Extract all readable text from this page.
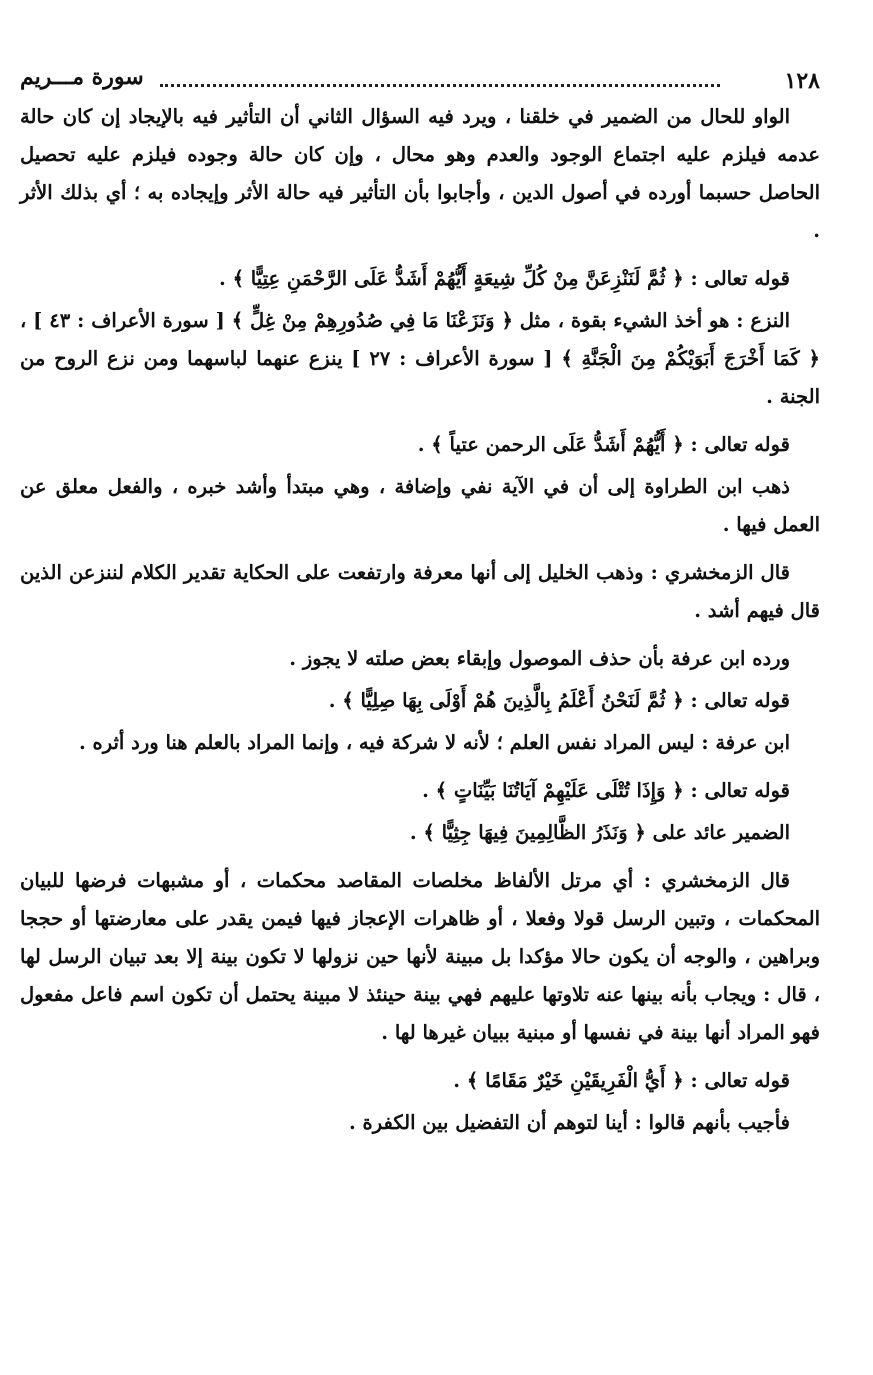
١٢٨
سورة مـــريم

الواو للحال من الضمير في خلقنا ، ويرد فيه السؤال الثاني أن التأثير فيه بالإيجاد إن كان حالة عدمه فيلزم عليه اجتماع الوجود والعدم وهو محال ، وإن كان حالة وجوده فيلزم عليه تحصيل الحاصل حسبما أورده في أصول الدين ، وأجابوا بأن التأثير فيه حالة الأثر وإيجاده به ؛ أي بذلك الأثر .

قوله تعالى : ﴿ ثُمَّ لَنَنْزِعَنَّ مِنْ كُلِّ شِيعَةٍ أَيُّهُمْ أَشَدُّ عَلَى الرَّحْمَنِ عِتِيًّا ﴾ .

النزع : هو أخذ الشيء بقوة ، مثل ﴿ وَنَزَعْنَا مَا فِي صُدُورِهِمْ مِنْ غِلٍّ ﴾ [ سورة الأعراف : ٤٣ ] ، ﴿ كَمَا أَخْرَجَ أَبَوَيْكُمْ مِنَ الْجَنَّةِ ﴾ [ سورة الأعراف : ٢٧ ] ينزع عنهما لباسهما ومن نزع الروح من الجنة .

قوله تعالى : ﴿ أَيُّهُمْ أَشَدُّ عَلَى الرحمن عتياً ﴾ .

ذهب ابن الطراوة إلى أن في الآية نفي وإضافة ، وهي مبتدأ وأشد خبره ، والفعل معلق عن العمل فيها .

قال الزمخشري : وذهب الخليل إلى أنها معرفة وارتفعت على الحكاية تقدير الكلام لننزعن الذين قال فيهم أشد .

ورده ابن عرفة بأن حذف الموصول وإبقاء بعض صلته لا يجوز .

قوله تعالى : ﴿ ثُمَّ لَنَحْنُ أَعْلَمُ بِالَّذِينَ هُمْ أَوْلَى بِهَا صِلِيًّا ﴾ .

ابن عرفة : ليس المراد نفس العلم ؛ لأنه لا شركة فيه ، وإنما المراد بالعلم هنا ورد أثره .

قوله تعالى : ﴿ وَإِذَا تُتْلَى عَلَيْهِمْ آيَاتُنَا بَيِّنَاتٍ ﴾ .

الضمير عائد على ﴿ وَنَذَرُ الظَّالِمِينَ فِيهَا جِثِيًّا ﴾ .

قال الزمخشري : أي مرتل الألفاظ مخلصات المقاصد محكمات ، أو مشبهات فرضها للبيان المحكمات ، وتبين الرسل قولا وفعلا ، أو ظاهرات الإعجاز فيها فيمن يقدر على معارضتها أو حججا وبراهين ، والوجه أن يكون حالا مؤكدا بل مبينة لأنها حين نزولها لا تكون بينة إلا بعد تبيان الرسل لها ، قال : ويجاب بأنه بينها عنه تلاوتها عليهم فهي بينة حينئذ لا مبينة يحتمل أن تكون اسم فاعل مفعول فهو المراد أنها بينة في نفسها أو مبنية ببيان غيرها لها .

قوله تعالى : ﴿ أَيُّ الْفَرِيقَيْنِ خَيْرٌ مَقَامًا ﴾ .

فأجيب بأنهم قالوا : أينا لتوهم أن التفضيل بين الكفرة .
